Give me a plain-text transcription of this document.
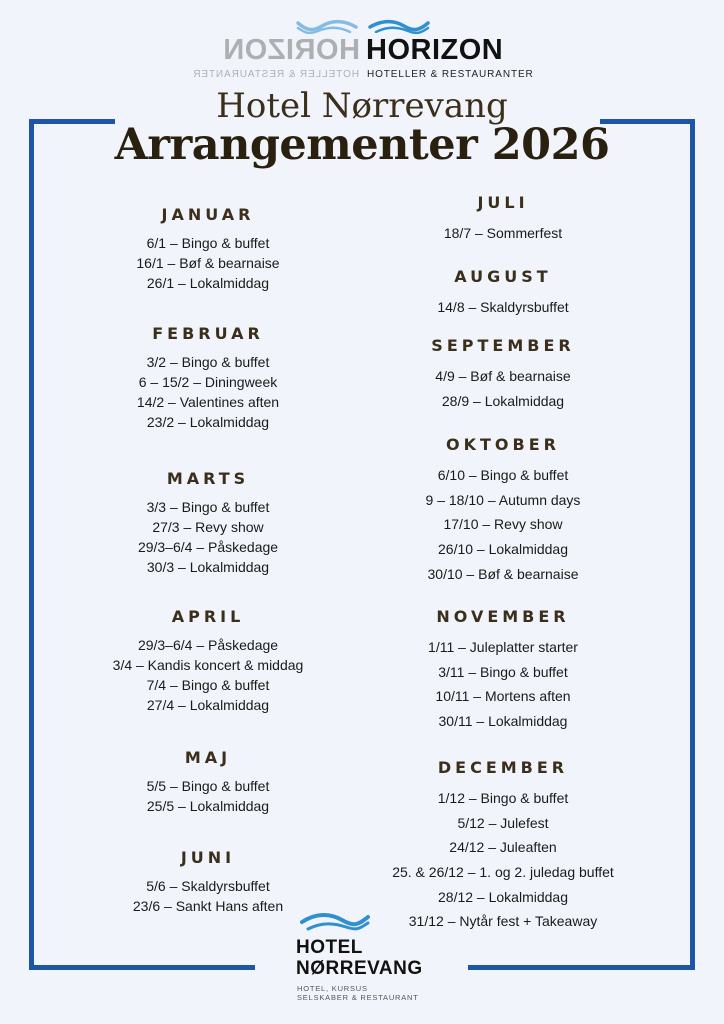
HORIZON
HOTELLER & RESTAURANTER
HORIZON
HOTELLER & RESTAURANTER
Hotel Nørrevang
Arrangementer 2026
JANUAR
6/1 – Bingo & buffet
16/1 – Bøf & bearnaise
26/1 – Lokalmiddag
FEBRUAR
3/2 – Bingo & buffet
6 – 15/2 – Diningweek
14/2 – Valentines aften
23/2 – Lokalmiddag
MARTS
3/3 – Bingo & buffet
27/3 – Revy show
29/3–6/4 – Påskedage
30/3 – Lokalmiddag
APRIL
29/3–6/4 – Påskedage
3/4 – Kandis koncert & middag
7/4 – Bingo & buffet
27/4 – Lokalmiddag
MAJ
5/5 – Bingo & buffet
25/5 – Lokalmiddag
JUNI
5/6 – Skaldyrsbuffet
23/6 – Sankt Hans aften
JULI
18/7 – Sommerfest
AUGUST
14/8 – Skaldyrsbuffet
SEPTEMBER
4/9 – Bøf & bearnaise
28/9 – Lokalmiddag
OKTOBER
6/10 – Bingo & buffet
9 – 18/10 – Autumn days
17/10 – Revy show
26/10 – Lokalmiddag
30/10 – Bøf & bearnaise
NOVEMBER
1/11 – Juleplatter starter
3/11 – Bingo & buffet
10/11 – Mortens aften
30/11 – Lokalmiddag
DECEMBER
1/12 – Bingo & buffet
5/12 – Julefest
24/12 – Juleaften
25. & 26/12 – 1. og 2. juledag buffet
28/12 – Lokalmiddag
31/12 – Nytår fest + Takeaway
HOTEL
NØRREVANG
HOTEL, KURSUS
SELSKABER & RESTAURANT
